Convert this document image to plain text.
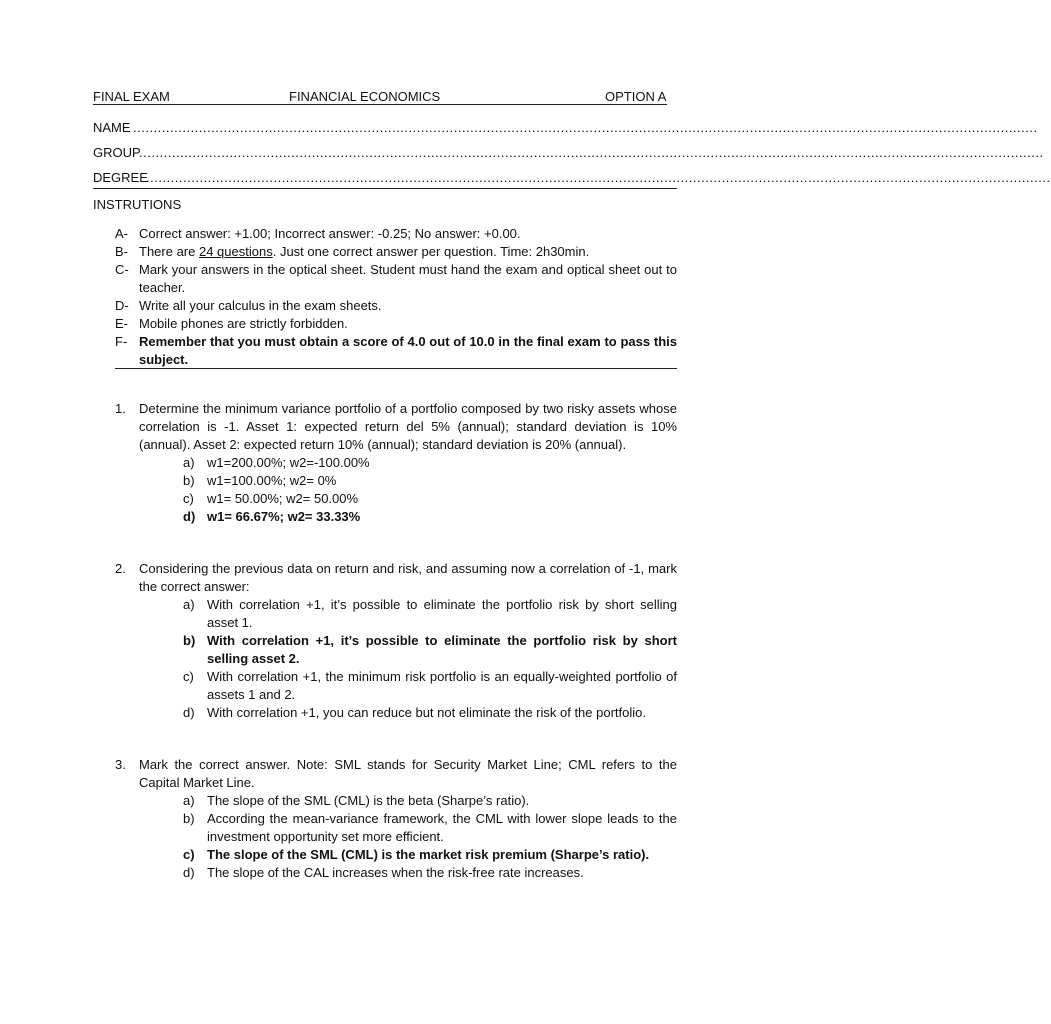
FINAL EXAM	FINANCIAL ECONOMICS	OPTION A
NAME ............................................................................................................................................................................................................................
GROUP
............................................................................................................................................................................................................................
DEGREE
............................................................................................................................................................................................................................
INSTRUTIONS
A- Correct answer: +1.00; Incorrect answer: -0.25; No answer: +0.00.
B- There are 24 questions. Just one correct answer per question. Time: 2h30min.
C- Mark your answers in the optical sheet. Student must hand the exam and optical sheet out to teacher.
D- Write all your calculus in the exam sheets.
E- Mobile phones are strictly forbidden.
F- Remember that you must obtain a score of 4.0 out of 10.0 in the final exam to pass this subject.
1. Determine the minimum variance portfolio of a portfolio composed by two risky assets whose correlation is -1. Asset 1: expected return del 5% (annual); standard deviation is 10% (annual). Asset 2: expected return 10% (annual); standard deviation is 20% (annual).
a) w1=200.00%; w2=-100.00%
b) w1=100.00%; w2= 0%
c) w1= 50.00%; w2= 50.00%
d) w1= 66.67%; w2= 33.33%
2. Considering the previous data on return and risk, and assuming now a correlation of -1, mark the correct answer:
a) With correlation +1, it’s possible to eliminate the portfolio risk by short selling asset 1.
b) With correlation +1, it’s possible to eliminate the portfolio risk by short selling asset 2.
c) With correlation +1, the minimum risk portfolio is an equally-weighted portfolio of assets 1 and 2.
d) With correlation +1, you can reduce but not eliminate the risk of the portfolio.
3. Mark the correct answer. Note: SML stands for Security Market Line; CML refers to the Capital Market Line.
a) The slope of the SML (CML) is the beta (Sharpe’s ratio).
b) According the mean-variance framework, the CML with lower slope leads to the investment opportunity set more efficient.
c) The slope of the SML (CML) is the market risk premium (Sharpe’s ratio).
d) The slope of the CAL increases when the risk-free rate increases.
